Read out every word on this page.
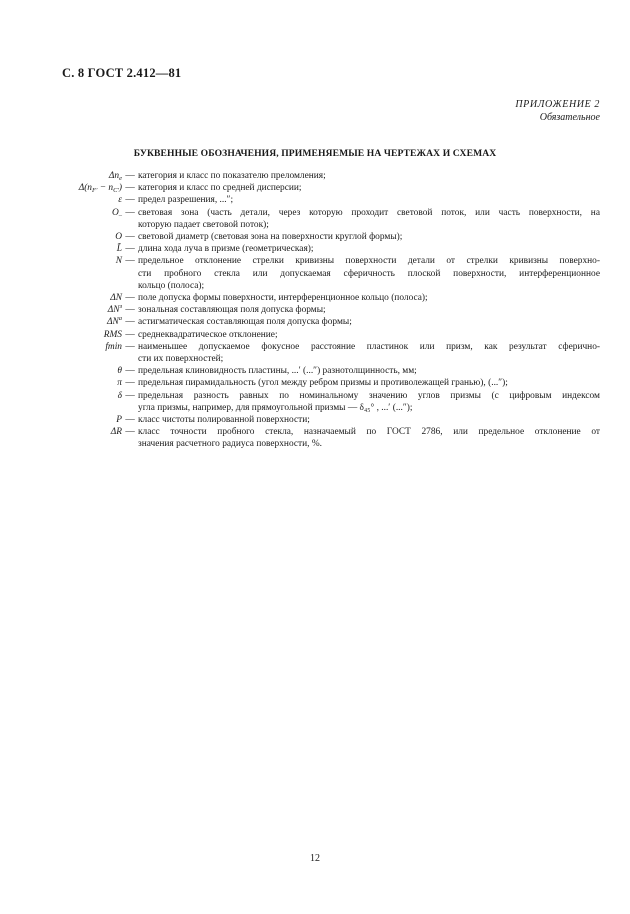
С. 8 ГОСТ 2.412—81
ПРИЛОЖЕНИЕ 2
Обязательное
БУКВЕННЫЕ ОБОЗНАЧЕНИЯ, ПРИМЕНЯЕМЫЕ НА ЧЕРТЕЖАХ И СХЕМАХ
$\Delta n_e$ — категория и класс по показателю преломления;
$\Delta(n_{F'} - n_{C'})$ — категория и класс по средней дисперсии;
ε — предел разрешения, ...″;
$O_-$ — световая зона (часть детали, через которую проходит световой поток, или часть поверхности, на
которую падает световой поток);
O — световой диаметр (световая зона на поверхности круглой формы);
L̃ — длина хода луча в призме (геометрическая);
N — предельное отклонение стрелки кривизны поверхности детали от стрелки кривизны поверхно-
сти пробного стекла или допускаемая сферичность плоской поверхности, интерференционное
кольцо (полоса);
ΔN — поле допуска формы поверхности, интерференционное кольцо (полоса);
$\Delta N^з$ — зональная составляющая поля допуска формы;
$\Delta N^a$ — астигматическая составляющая поля допуска формы;
RMS — среднеквадратическое отклонение;
fmin — наименьшее допускаемое фокусное расстояние пластинок или призм, как результат сферично-
сти их поверхностей;
θ — предельная клиновидность пластины, ...′ (...″) разнотолщинность, мм;
π — предельная пирамидальность (угол между ребром призмы и противолежащей гранью), (...″);
δ — предельная разность равных по номинальному значению углов призмы (с цифровым индексом
угла призмы, например, для прямоугольной призмы — δ₄₅° , ...′ (...″);
P — класс чистоты полированной поверхности;
ΔR — класс точности пробного стекла, назначаемый по ГОСТ 2786, или предельное отклонение от
значения расчетного радиуса поверхности, %.
12
